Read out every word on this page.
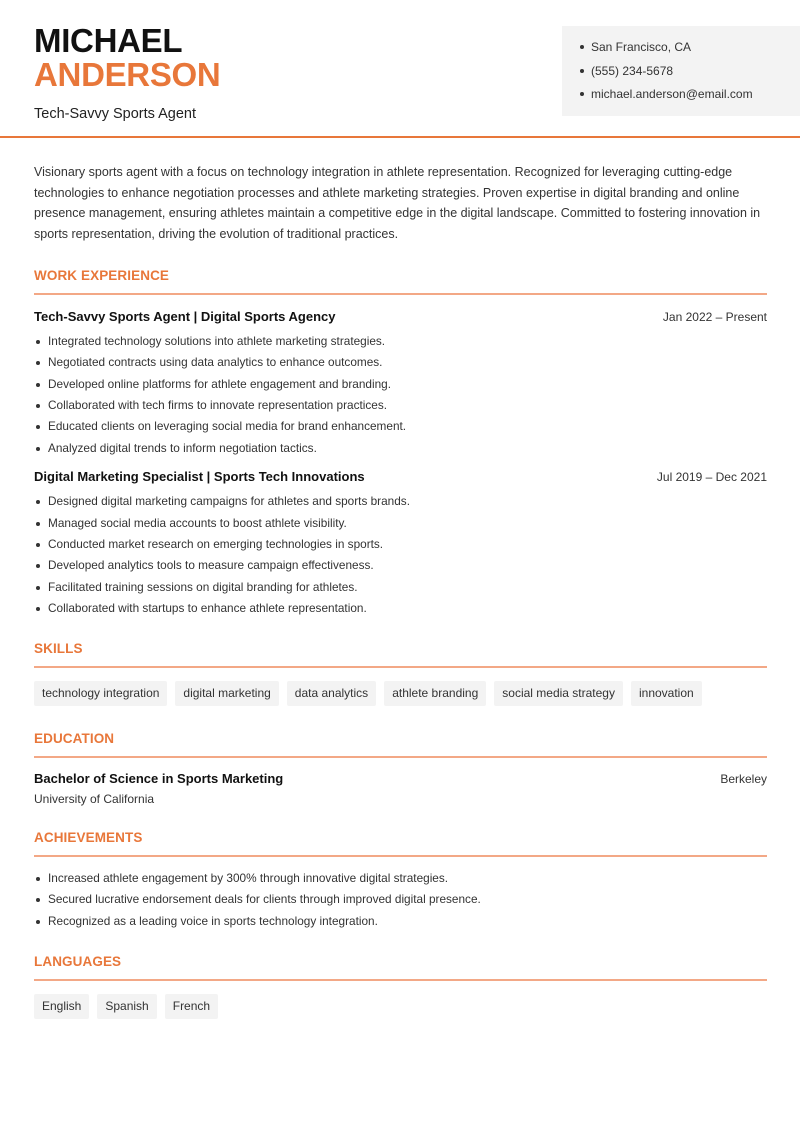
MICHAEL
ANDERSON
Tech-Savvy Sports Agent
San Francisco, CA
(555) 234-5678
michael.anderson@email.com

Visionary sports agent with a focus on technology integration in athlete representation. Recognized for leveraging cutting-edge technologies to enhance negotiation processes and athlete marketing strategies. Proven expertise in digital branding and online presence management, ensuring athletes maintain a competitive edge in the digital landscape. Committed to fostering innovation in sports representation, driving the evolution of traditional practices.

WORK EXPERIENCE
Tech-Savvy Sports Agent | Digital Sports Agency	Jan 2022 – Present
Integrated technology solutions into athlete marketing strategies.
Negotiated contracts using data analytics to enhance outcomes.
Developed online platforms for athlete engagement and branding.
Collaborated with tech firms to innovate representation practices.
Educated clients on leveraging social media for brand enhancement.
Analyzed digital trends to inform negotiation tactics.
Digital Marketing Specialist | Sports Tech Innovations	Jul 2019 – Dec 2021
Designed digital marketing campaigns for athletes and sports brands.
Managed social media accounts to boost athlete visibility.
Conducted market research on emerging technologies in sports.
Developed analytics tools to measure campaign effectiveness.
Facilitated training sessions on digital branding for athletes.
Collaborated with startups to enhance athlete representation.
SKILLS
technology integration	digital marketing	data analytics	athlete branding	social media strategy	innovation
EDUCATION
Bachelor of Science in Sports Marketing	Berkeley
University of California
ACHIEVEMENTS
Increased athlete engagement by 300% through innovative digital strategies.
Secured lucrative endorsement deals for clients through improved digital presence.
Recognized as a leading voice in sports technology integration.
LANGUAGES
English	Spanish	French
